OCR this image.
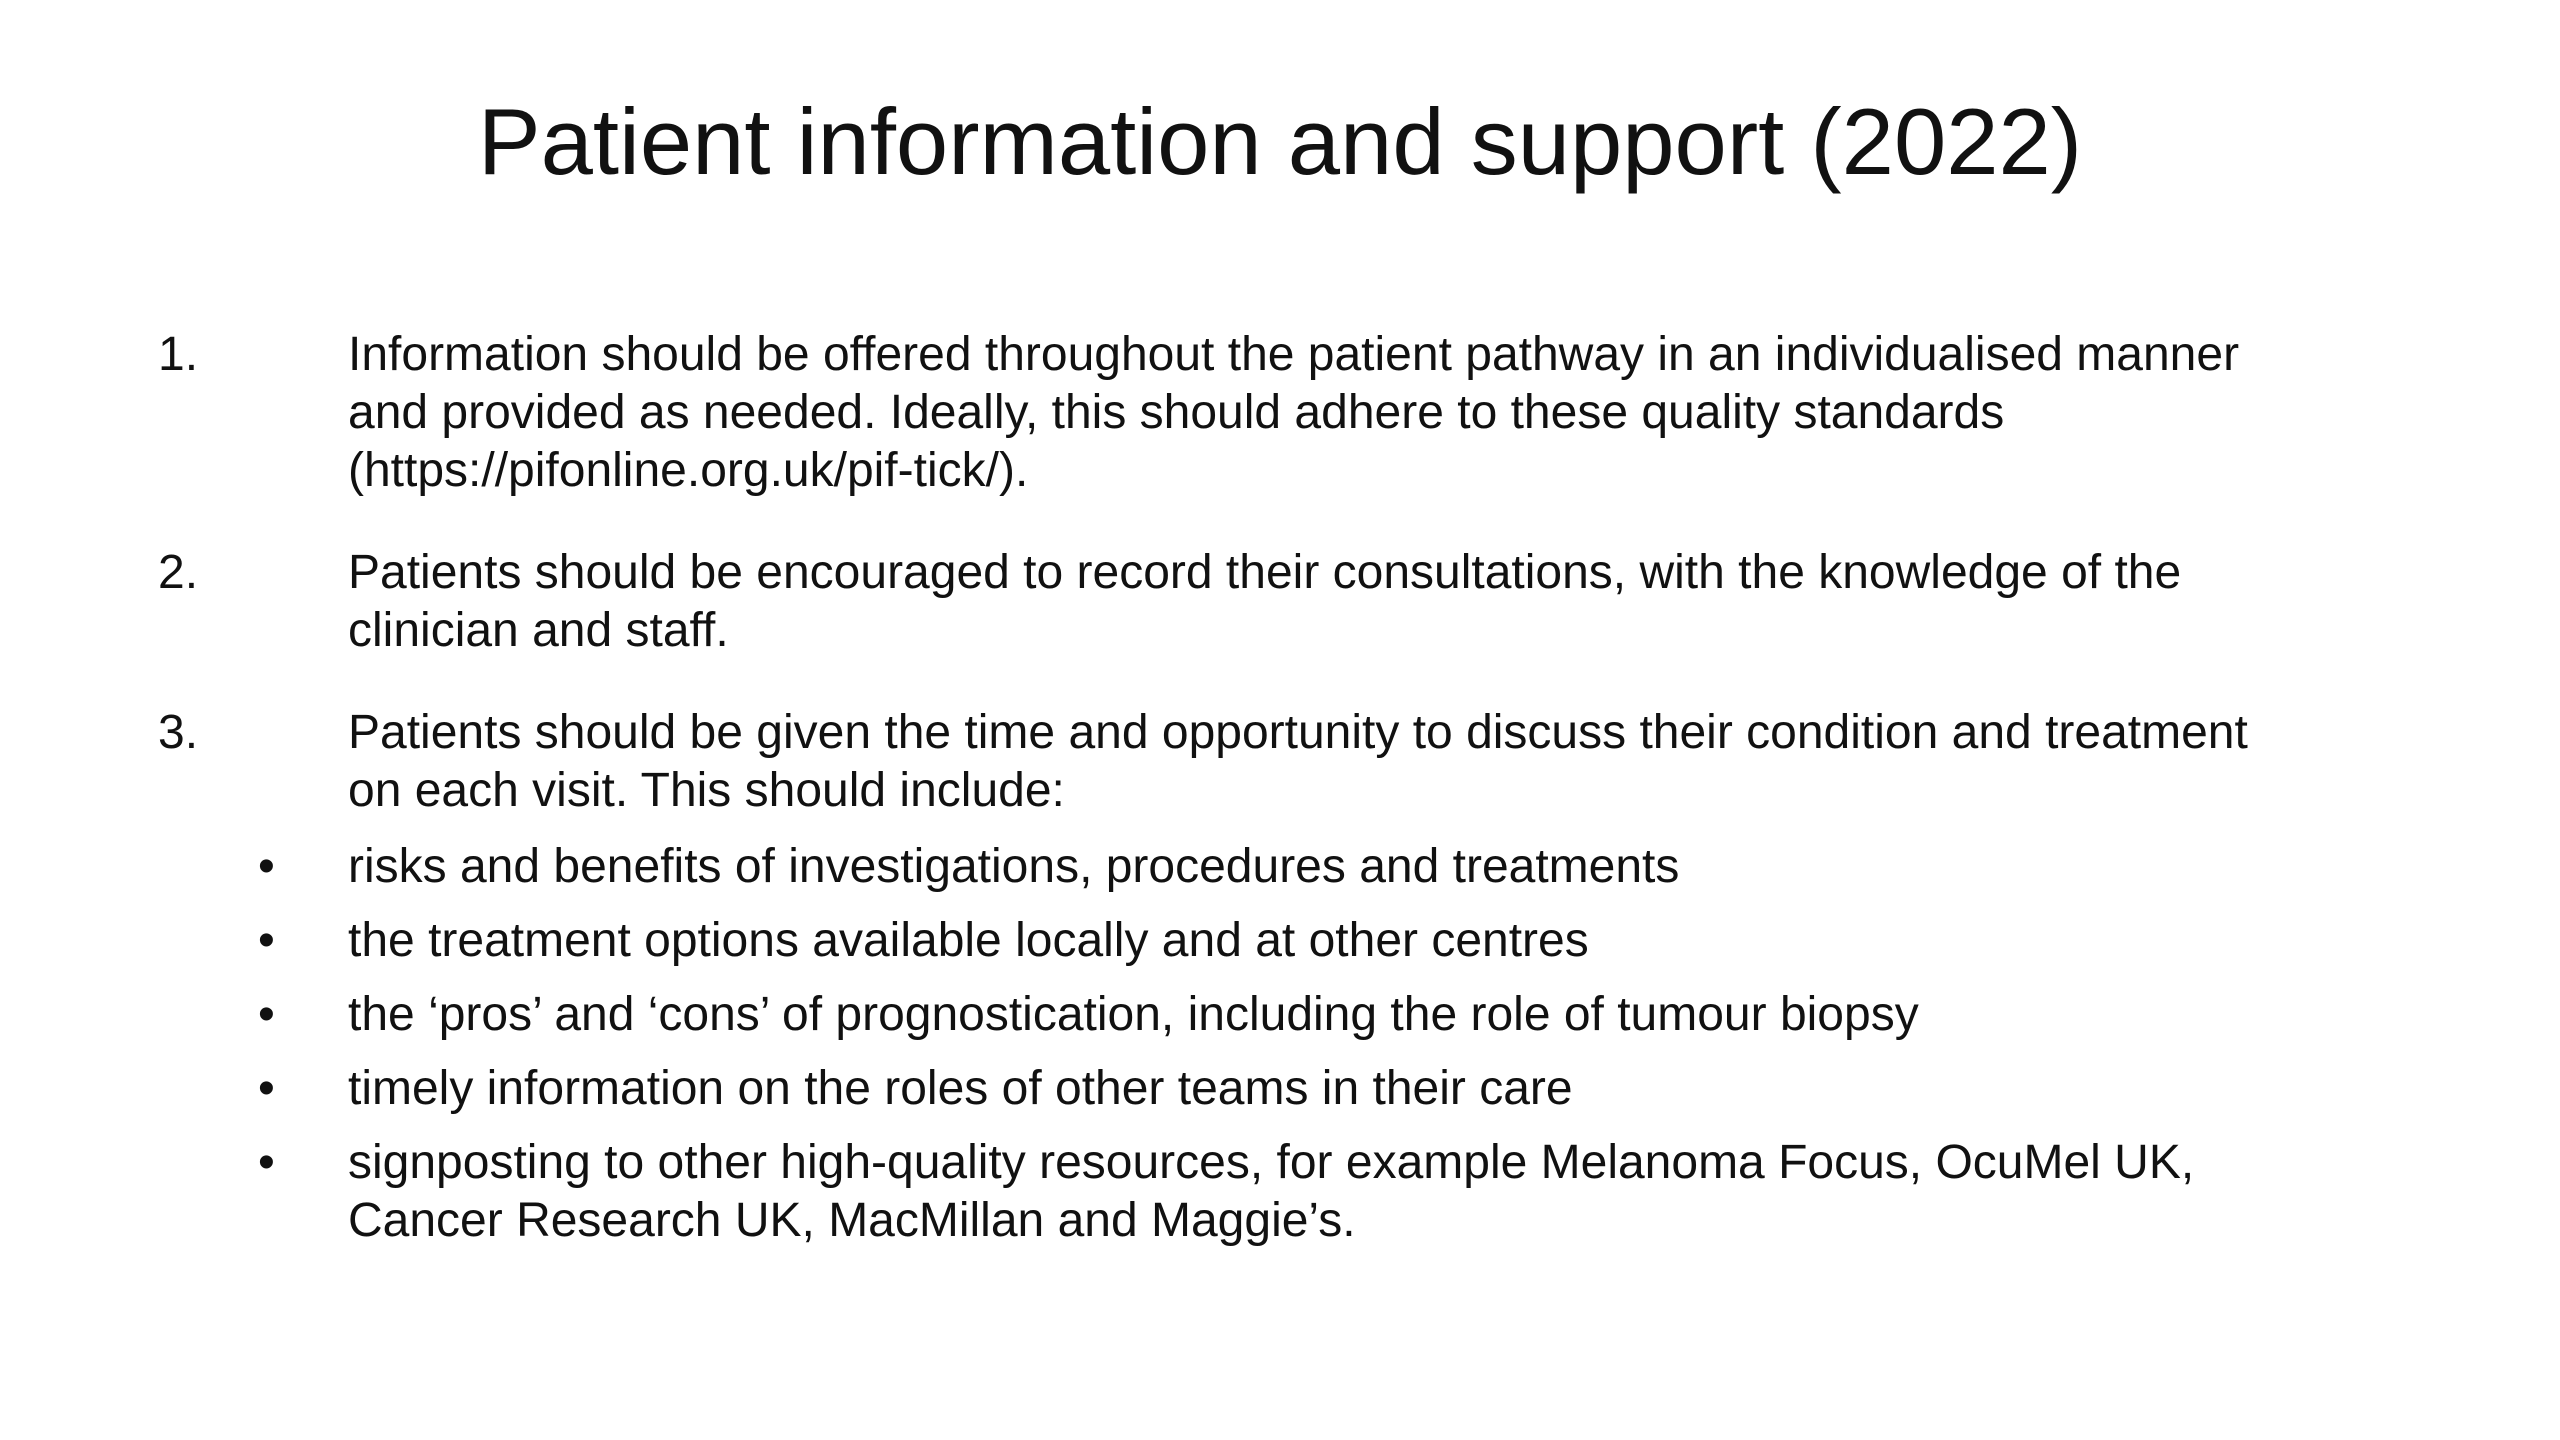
Patient information and support (2022)
1.	Information should be offered throughout the patient pathway in an individualised manner
and provided as needed. Ideally, this should adhere to these quality standards
(https://pifonline.org.uk/pif-tick/).
2.	Patients should be encouraged to record their consultations, with the knowledge of the
clinician and staff.
3.	Patients should be given the time and opportunity to discuss their condition and treatment
on each visit. This should include:
• risks and benefits of investigations, procedures and treatments
• the treatment options available locally and at other centres
• the ‘pros’ and ‘cons’ of prognostication, including the role of tumour biopsy
• timely information on the roles of other teams in their care
• signposting to other high-quality resources, for example Melanoma Focus, OcuMel UK,
Cancer Research UK, MacMillan and Maggie’s.
